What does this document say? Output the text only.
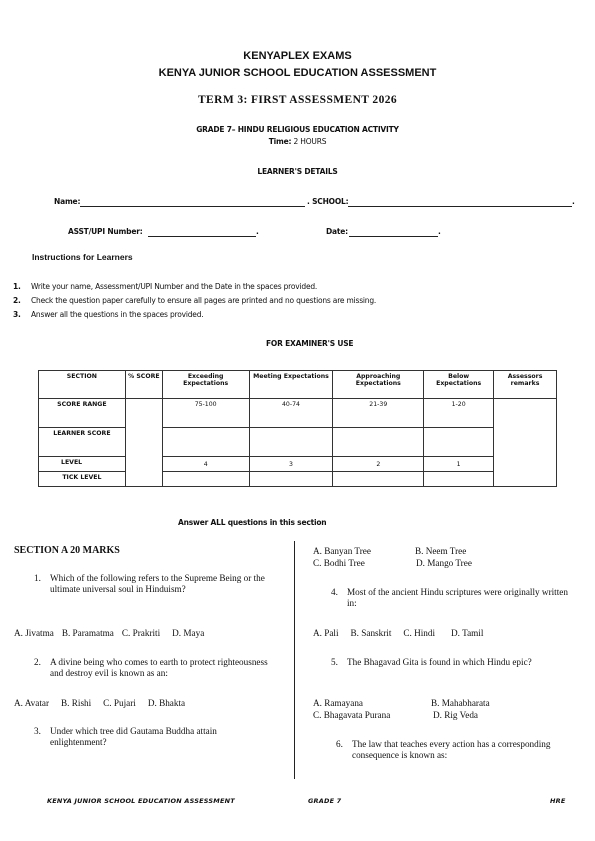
KENYAPLEX EXAMS
KENYA JUNIOR SCHOOL EDUCATION ASSESSMENT
TERM 3: FIRST ASSESSMENT 2026
GRADE 7– HINDU RELIGIOUS EDUCATION ACTIVITY
Time: 2 HOURS
LEARNER'S DETAILS
Name:	. SCHOOL:	.
ASST/UPI Number:	.	Date:	.
Instructions for Learners
1. Write your name, Assessment/UPI Number and the Date in the spaces provided.
2. Check the question paper carefully to ensure all pages are printed and no questions are missing.
3. Answer all the questions in the spaces provided.
FOR EXAMINER'S USE
SECTION	% SCORE	Exceeding Expectations	Meeting Expectations	Approaching Expectations	Below Expectations	Assessors remarks
SCORE RANGE		75-100	40-74	21-39	1-20	
LEARNER SCORE						
LEVEL		4	3	2	1	
TICK LEVEL						
Answer ALL questions in this section
SECTION A 20 MARKS
1. Which of the following refers to the Supreme Being or the ultimate universal soul in Hinduism?
A. Jivatma B. Paramatma C. Prakriti D. Maya
2. A divine being who comes to earth to protect righteousness and destroy evil is known as an:
A. Avatar B. Rishi C. Pujari D. Bhakta
3. Under which tree did Gautama Buddha attain enlightenment?
A. Banyan Tree	B. Neem Tree
C. Bodhi Tree	D. Mango Tree
4. Most of the ancient Hindu scriptures were originally written in:
A. Pali B. Sanskrit C. Hindi D. Tamil
5. The Bhagavad Gita is found in which Hindu epic?
A. Ramayana	B. Mahabharata
C. Bhagavata Purana	D. Rig Veda
6. The law that teaches every action has a corresponding consequence is known as:
KENYA JUNIOR SCHOOL EDUCATION ASSESSMENT	GRADE 7	HRE
